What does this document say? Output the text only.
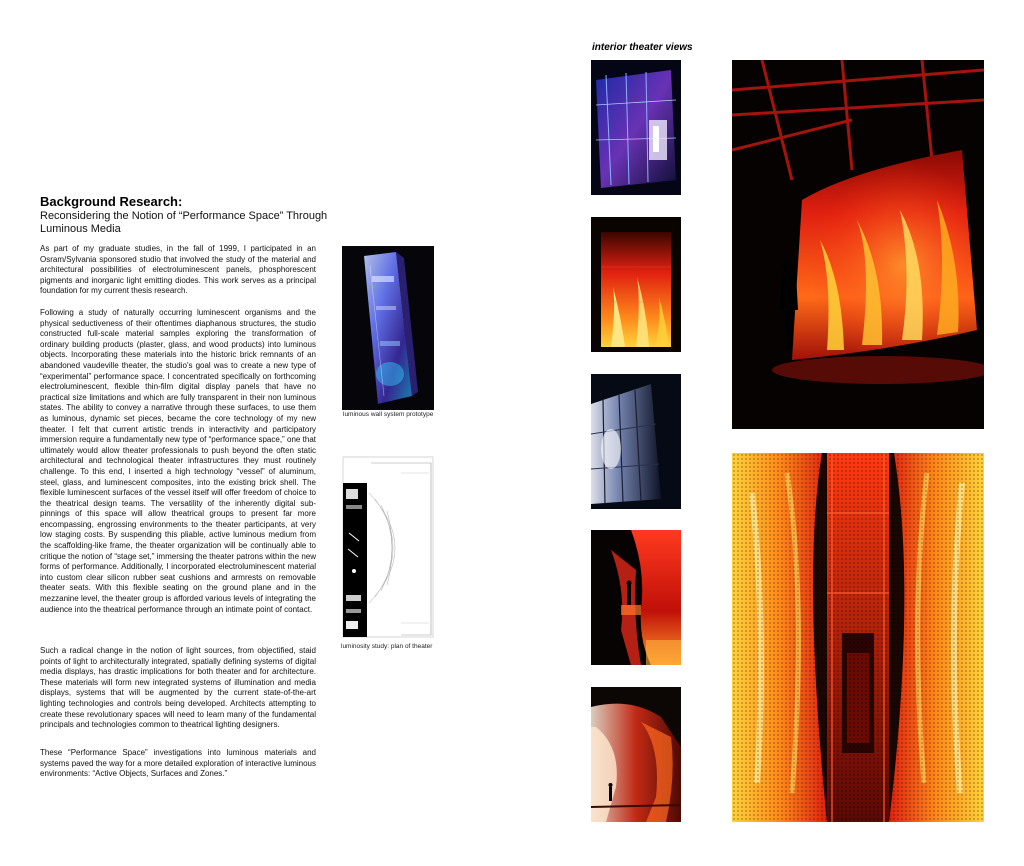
Background Research:
Reconsidering the Notion of “Performance Space” Through Luminous Media
As part of my graduate studies, in the fall of 1999, I participated in an Osram/Sylvania sponsored studio that involved the study of the material and architectural possibilities of electroluminescent panels, phosphorescent pigments and inorganic light emitting diodes. This work serves as a principal foundation for my current thesis research.
Following a study of naturally occurring luminescent organisms and the physical seductiveness of their oftentimes diaphanous structures, the studio constructed full-scale material samples exploring the transformation of ordinary building products (plaster, glass, and wood products) into luminous objects. Incorporating these materials into the historic brick remnants of an abandoned vaudeville theater, the studio’s goal was to create a new type of “experimental” performance space. I concentrated specifically on forthcoming electroluminescent, flexible thin-film digital display panels that have no practical size limitations and which are fully transparent in their non luminous states. The ability to convey a narrative through these surfaces, to use them as luminous, dynamic set pieces, became the core technology of my new theater. I felt that current artistic trends in interactivity and participatory immersion require a fundamentally new type of “performance space,” one that ultimately would allow theater professionals to push beyond the often static architectural and technological theater infrastructures they must routinely challenge. To this end, I inserted a high technology “vessel” of aluminum, steel, glass, and luminescent composites, into the existing brick shell. The flexible luminescent surfaces of the vessel itself will offer freedom of choice to the theatrical design teams. The versatility of the inherently digital sub-pinnings of this space will allow theatrical groups to present far more encompassing, engrossing environments to the theater participants, at very low staging costs. By suspending this pliable, active luminous medium from the scaffolding-like frame, the theater organization will be continually able to critique the notion of “stage set,” immersing the theater patrons within the new forms of performance. Additionally, I incorporated electroluminescent material into custom clear silicon rubber seat cushions and armrests on removable theater seats. With this flexible seating on the ground plane and in the mezzanine level, the theater group is afforded various levels of integrating the audience into the theatrical performance through an intimate point of contact.
Such a radical change in the notion of light sources, from objectified, staid points of light to architecturally integrated, spatially defining systems of digital media displays, has drastic implications for both theater and for architecture. These materials will form new integrated systems of illumination and media displays, systems that will be augmented by the current state-of-the-art lighting technologies and controls being developed. Architects attempting to create these revolutionary spaces will need to learn many of the fundamental principals and technologies common to theatrical lighting designers.
These “Performance Space” investigations into luminous materials and systems paved the way for a more detailed exploration of interactive luminous environments: “Active Objects, Surfaces and Zones.”
luminous wall system prototype
luminosity study: plan of theater
interior theater views
